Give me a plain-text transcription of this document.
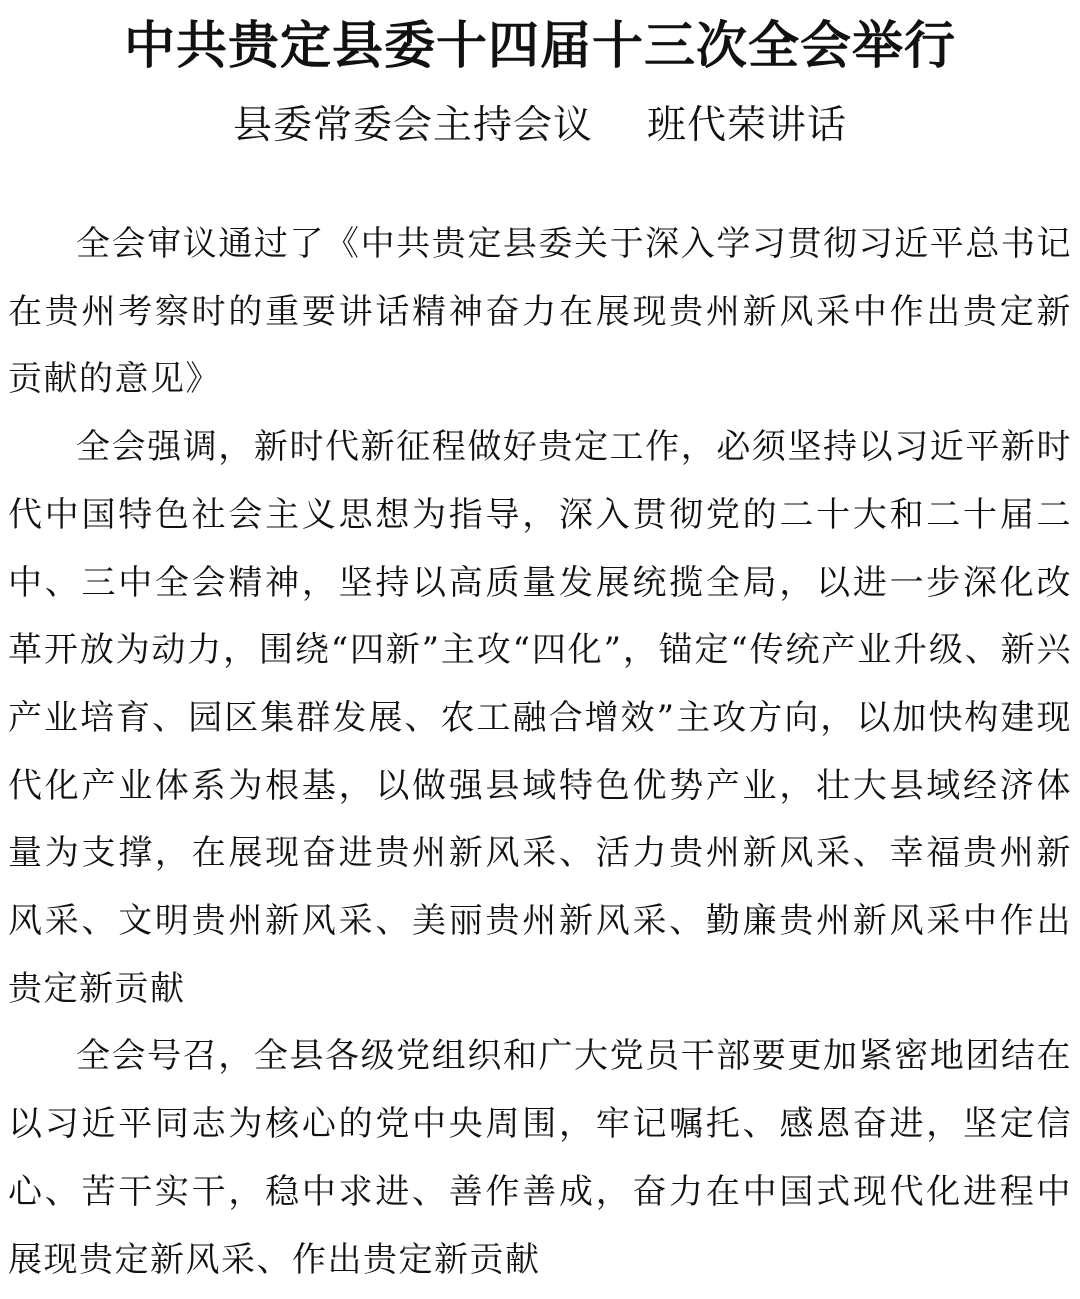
中共贵定县委十四届十三次全会举行
县委常委会主持会议 班代荣讲话

全会审议通过了《中共贵定县委关于深入学习贯彻习近平总书记在贵州考察时的重要讲话精神奋力在展现贵州新风采中作出贵定新贡献的意见》

全会强调，新时代新征程做好贵定工作，必须坚持以习近平新时代中国特色社会主义思想为指导，深入贯彻党的二十大和二十届二中、三中全会精神，坚持以高质量发展统揽全局，以进一步深化改革开放为动力，围绕“四新”主攻“四化”，锚定“传统产业升级、新兴产业培育、园区集群发展、农工融合增效”主攻方向，以加快构建现代化产业体系为根基，以做强县域特色优势产业，壮大县域经济体量为支撑，在展现奋进贵州新风采、活力贵州新风采、幸福贵州新风采、文明贵州新风采、美丽贵州新风采、勤廉贵州新风采中作出贵定新贡献

全会号召，全县各级党组织和广大党员干部要更加紧密地团结在以习近平同志为核心的党中央周围，牢记嘱托、感恩奋进，坚定信心、苦干实干，稳中求进、善作善成，奋力在中国式现代化进程中展现贵定新风采、作出贵定新贡献
